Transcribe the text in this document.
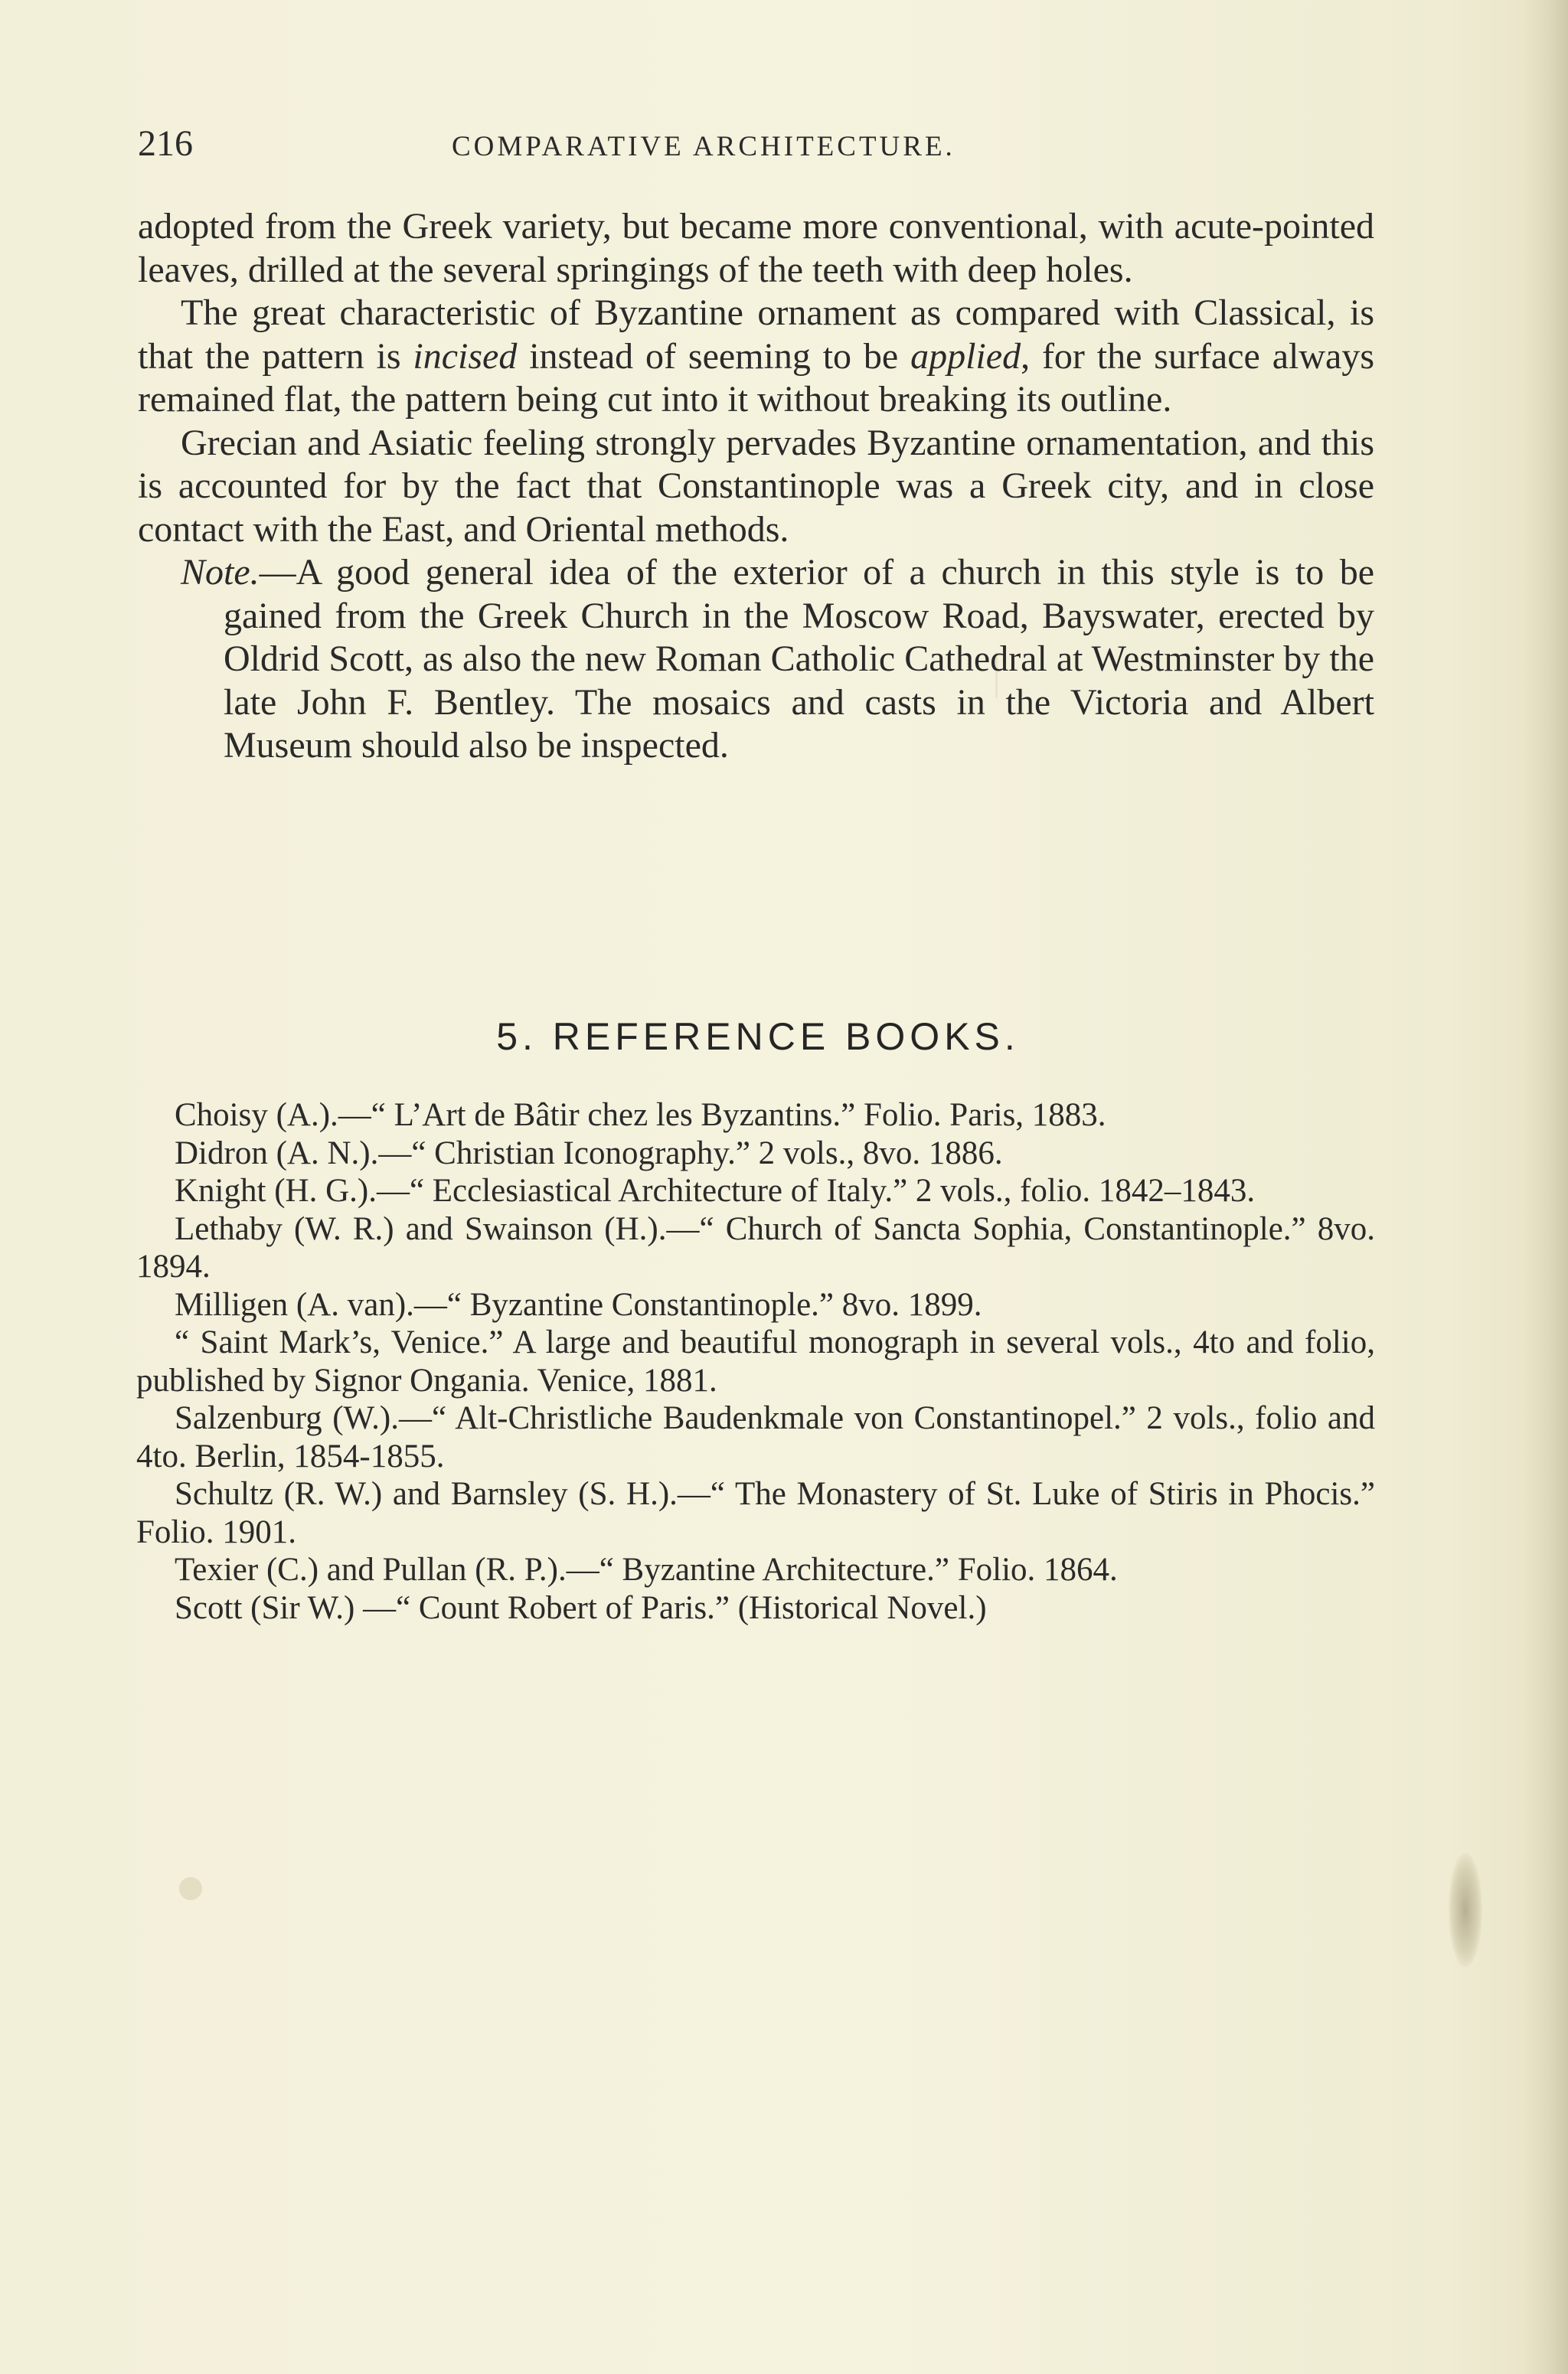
216	COMPARATIVE ARCHITECTURE.

adopted from the Greek variety, but became more conventional, with acute-pointed leaves, drilled at the several springings of the teeth with deep holes.

The great characteristic of Byzantine ornament as compared with Classical, is that the pattern is incised instead of seeming to be applied, for the surface always remained flat, the pattern being cut into it without breaking its outline.

Grecian and Asiatic feeling strongly pervades Byzantine ornamentation, and this is accounted for by the fact that Constantinople was a Greek city, and in close contact with the East, and Oriental methods.

Note.—A good general idea of the exterior of a church in this style is to be gained from the Greek Church in the Moscow Road, Bayswater, erected by Oldrid Scott, as also the new Roman Catholic Cathedral at Westminster by the late John F. Bentley. The mosaics and casts in the Victoria and Albert Museum should also be inspected.

5. REFERENCE BOOKS.

Choisy (A.).—“ L’Art de Bâtir chez les Byzantins.” Folio. Paris, 1883.

Didron (A. N.).—“ Christian Iconography.” 2 vols., 8vo. 1886.

Knight (H. G.).—“ Ecclesiastical Architecture of Italy.” 2 vols., folio. 1842–1843.

Lethaby (W. R.) and Swainson (H.).—“ Church of Sancta Sophia, Constantinople.” 8vo. 1894.

Milligen (A. van).—“ Byzantine Constantinople.” 8vo. 1899.

“ Saint Mark’s, Venice.” A large and beautiful monograph in several vols., 4to and folio, published by Signor Ongania. Venice, 1881.

Salzenburg (W.).—“ Alt-Christliche Baudenkmale von Constantinopel.” 2 vols., folio and 4to. Berlin, 1854-1855.

Schultz (R. W.) and Barnsley (S. H.).—“ The Monastery of St. Luke of Stiris in Phocis.” Folio. 1901.

Texier (C.) and Pullan (R. P.).—“ Byzantine Architecture.” Folio. 1864.

Scott (Sir W.) —“ Count Robert of Paris.” (Historical Novel.)
